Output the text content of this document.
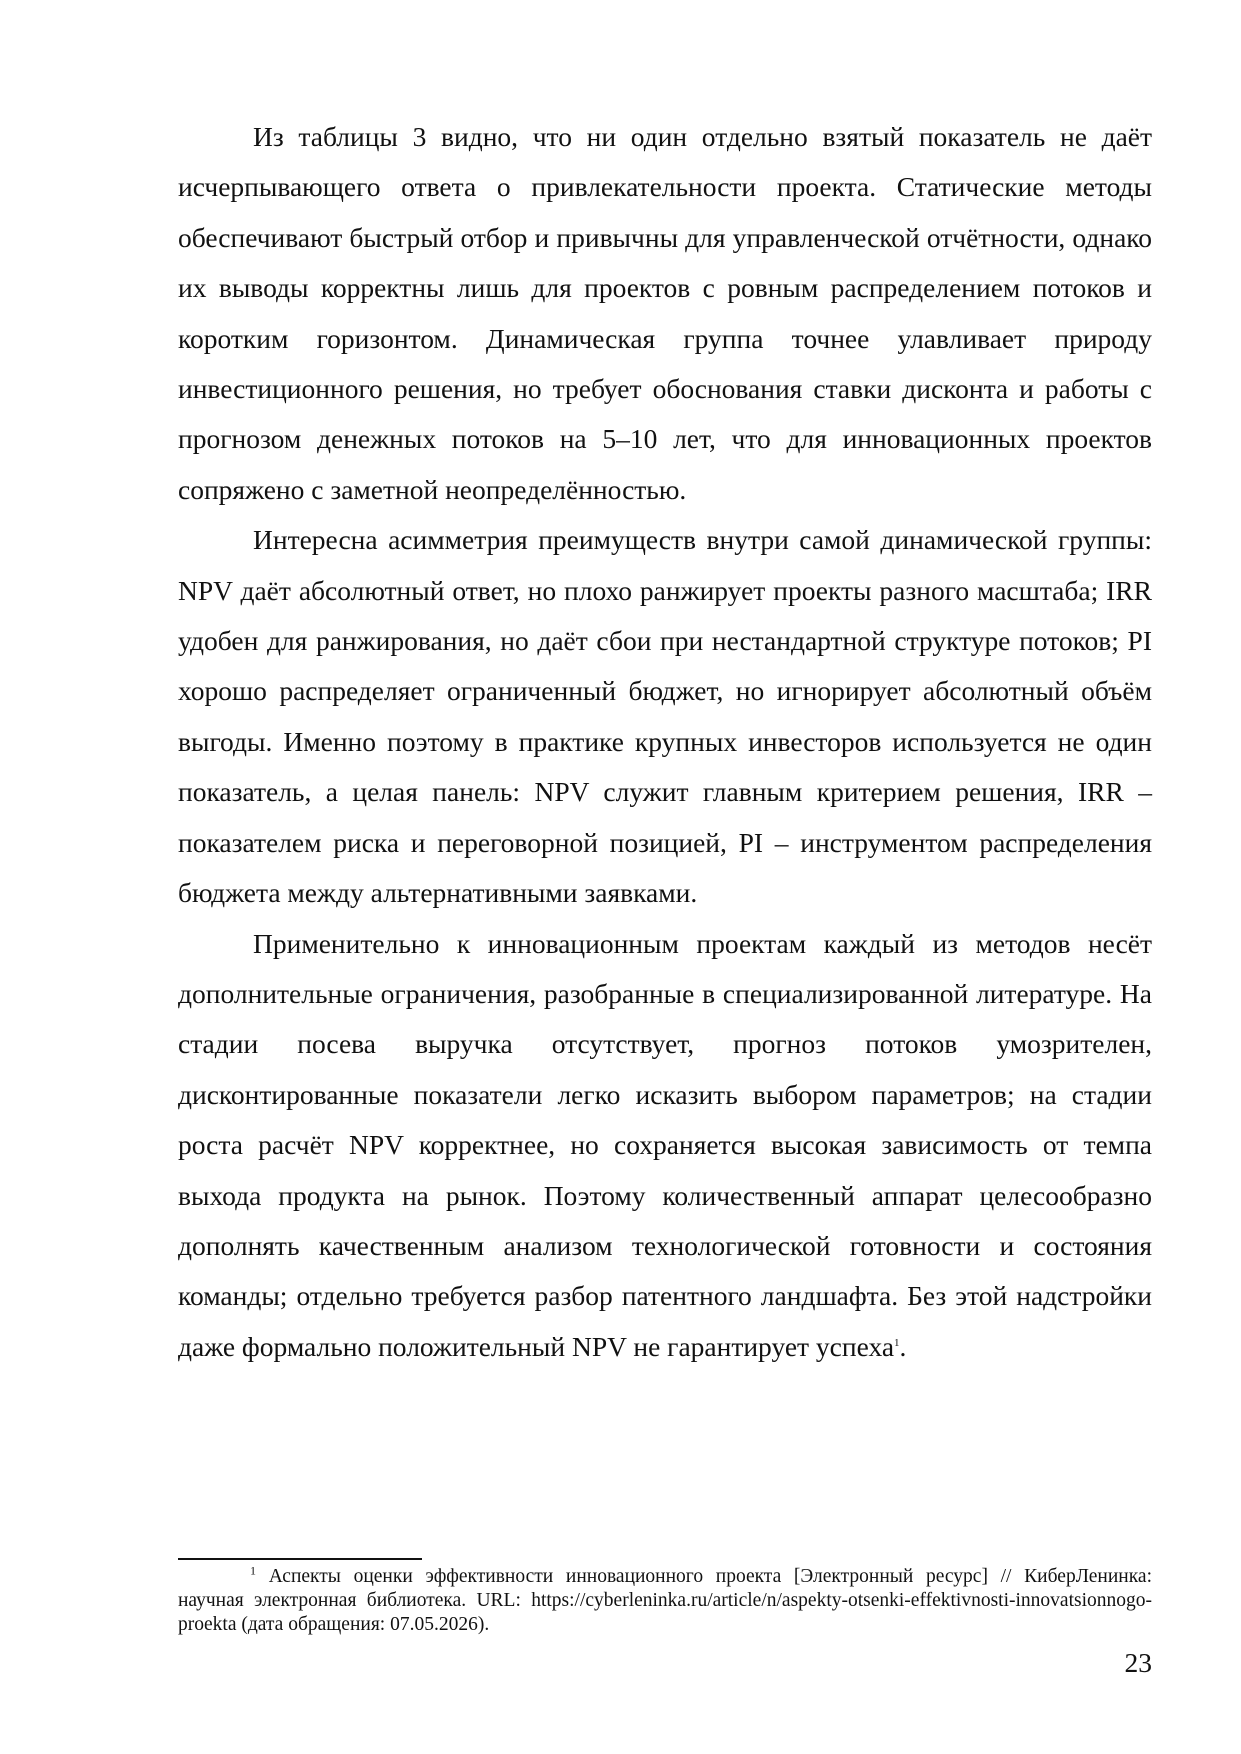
Из таблицы 3 видно, что ни один отдельно взятый показатель не даёт исчерпывающего ответа о привлекательности проекта. Статические методы обеспечивают быстрый отбор и привычны для управленческой отчётности, однако их выводы корректны лишь для проектов с ровным распределением потоков и коротким горизонтом. Динамическая группа точнее улавливает природу инвестиционного решения, но требует обоснования ставки дисконта и работы с прогнозом денежных потоков на 5–10 лет, что для инновационных проектов сопряжено с заметной неопределённостью.

Интересна асимметрия преимуществ внутри самой динамической группы: NPV даёт абсолютный ответ, но плохо ранжирует проекты разного масштаба; IRR удобен для ранжирования, но даёт сбои при нестандартной структуре потоков; PI хорошо распределяет ограниченный бюджет, но игнорирует абсолютный объём выгоды. Именно поэтому в практике крупных инвесторов используется не один показатель, а целая панель: NPV служит главным критерием решения, IRR – показателем риска и переговорной позицией, PI – инструментом распределения бюджета между альтернативными заявками.

Применительно к инновационным проектам каждый из методов несёт дополнительные ограничения, разобранные в специализированной литературе. На стадии посева выручка отсутствует, прогноз потоков умозрителен, дисконтированные показатели легко исказить выбором параметров; на стадии роста расчёт NPV корректнее, но сохраняется высокая зависимость от темпа выхода продукта на рынок. Поэтому количественный аппарат целесообразно дополнять качественным анализом технологической готовности и состояния команды; отдельно требуется разбор патентного ландшафта. Без этой надстройки даже формально положительный NPV не гарантирует успеха$^1$.

$^1$ Аспекты оценки эффективности инновационного проекта [Электронный ресурс] // КиберЛенинка: научная электронная библиотека. URL: https://cyberleninka.ru/article/n/aspekty-otsenki-effektivnosti-innovatsionnogo-proekta (дата обращения: 07.05.2026).

23
